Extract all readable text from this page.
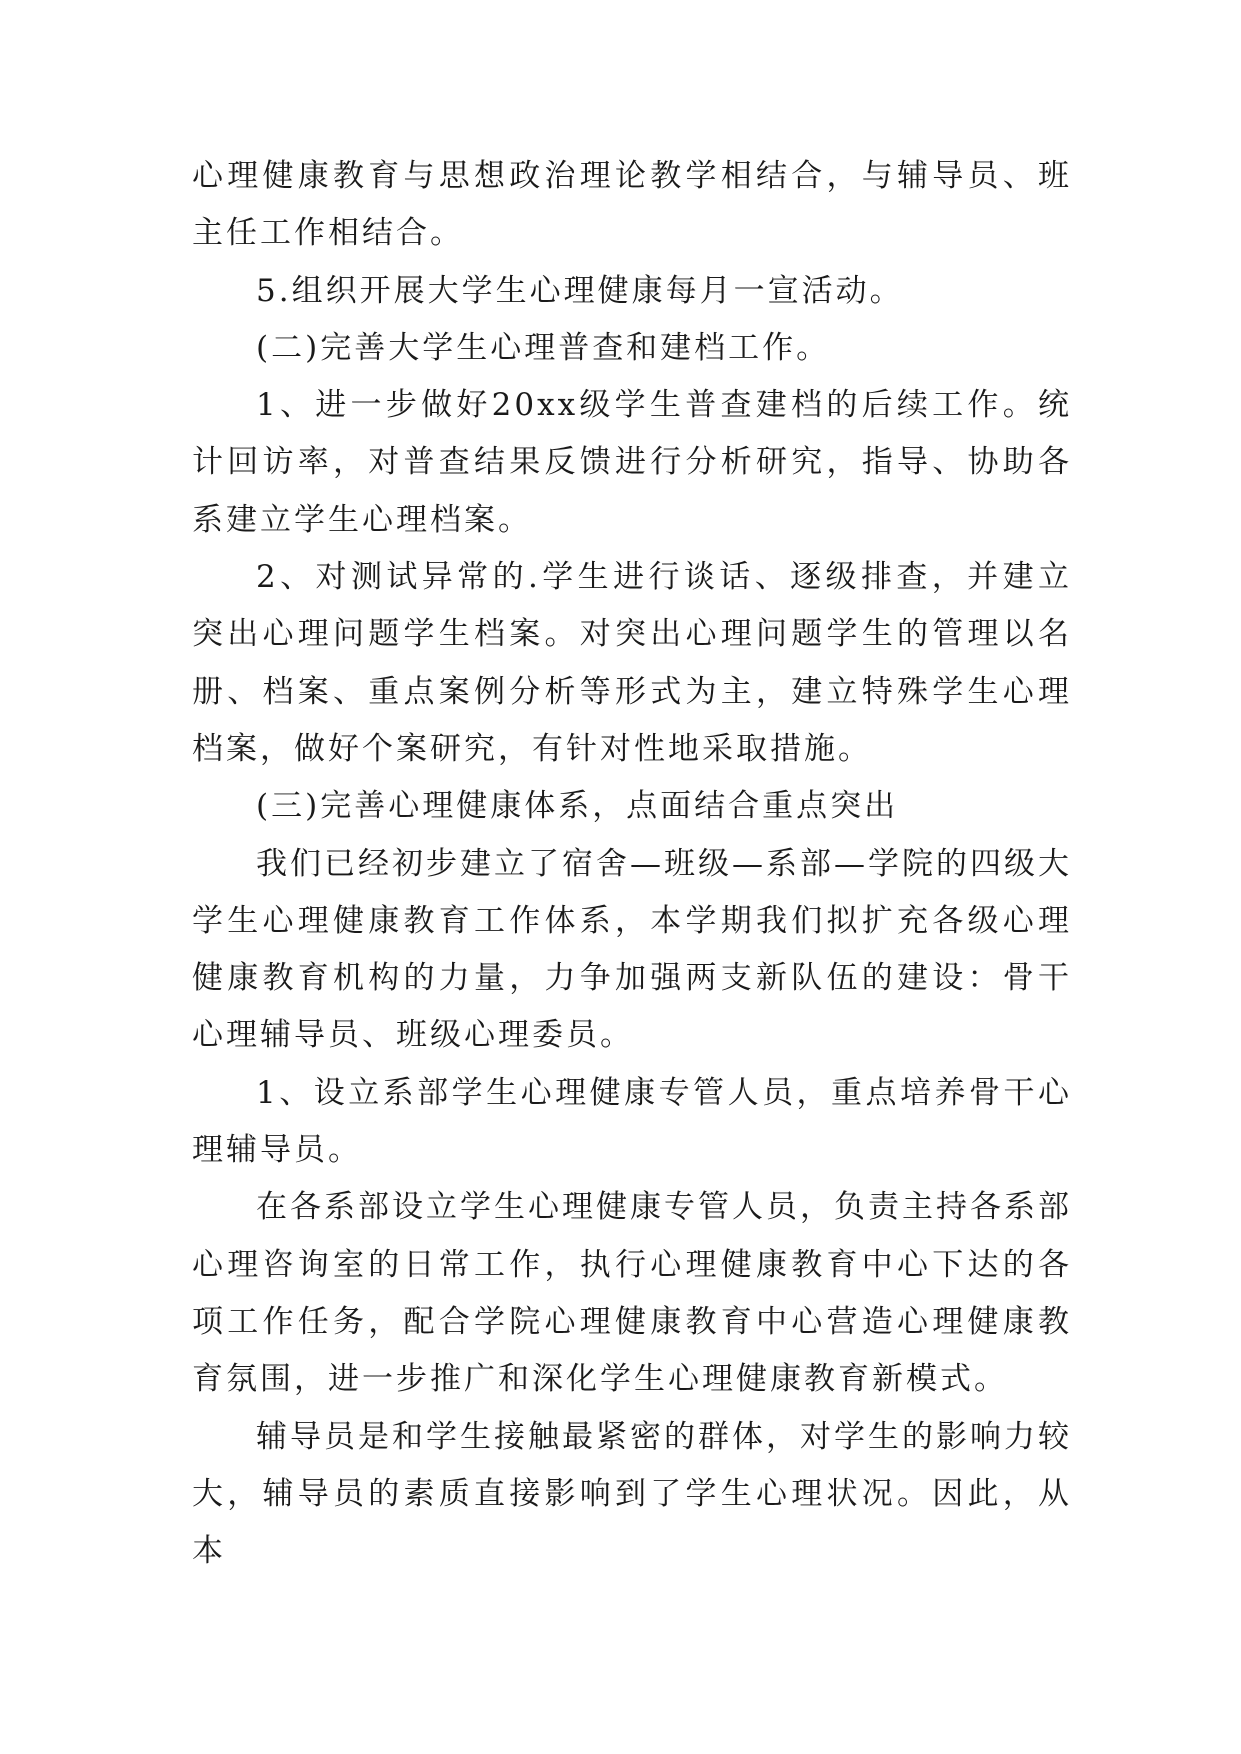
心理健康教育与思想政治理论教学相结合，与辅导员、班主任工作相结合。

5.组织开展大学生心理健康每月一宣活动。

(二)完善大学生心理普查和建档工作。

1、进一步做好20xx级学生普查建档的后续工作。统计回访率，对普查结果反馈进行分析研究，指导、协助各系建立学生心理档案。

2、对测试异常的.学生进行谈话、逐级排查，并建立突出心理问题学生档案。对突出心理问题学生的管理以名册、档案、重点案例分析等形式为主，建立特殊学生心理档案，做好个案研究，有针对性地采取措施。

(三)完善心理健康体系，点面结合重点突出

我们已经初步建立了宿舍—班级—系部—学院的四级大学生心理健康教育工作体系，本学期我们拟扩充各级心理健康教育机构的力量，力争加强两支新队伍的建设：骨干心理辅导员、班级心理委员。

1、设立系部学生心理健康专管人员，重点培养骨干心理辅导员。

在各系部设立学生心理健康专管人员，负责主持各系部心理咨询室的日常工作，执行心理健康教育中心下达的各项工作任务，配合学院心理健康教育中心营造心理健康教育氛围，进一步推广和深化学生心理健康教育新模式。

辅导员是和学生接触最紧密的群体，对学生的影响力较大，辅导员的素质直接影响到了学生心理状况。因此，从本
